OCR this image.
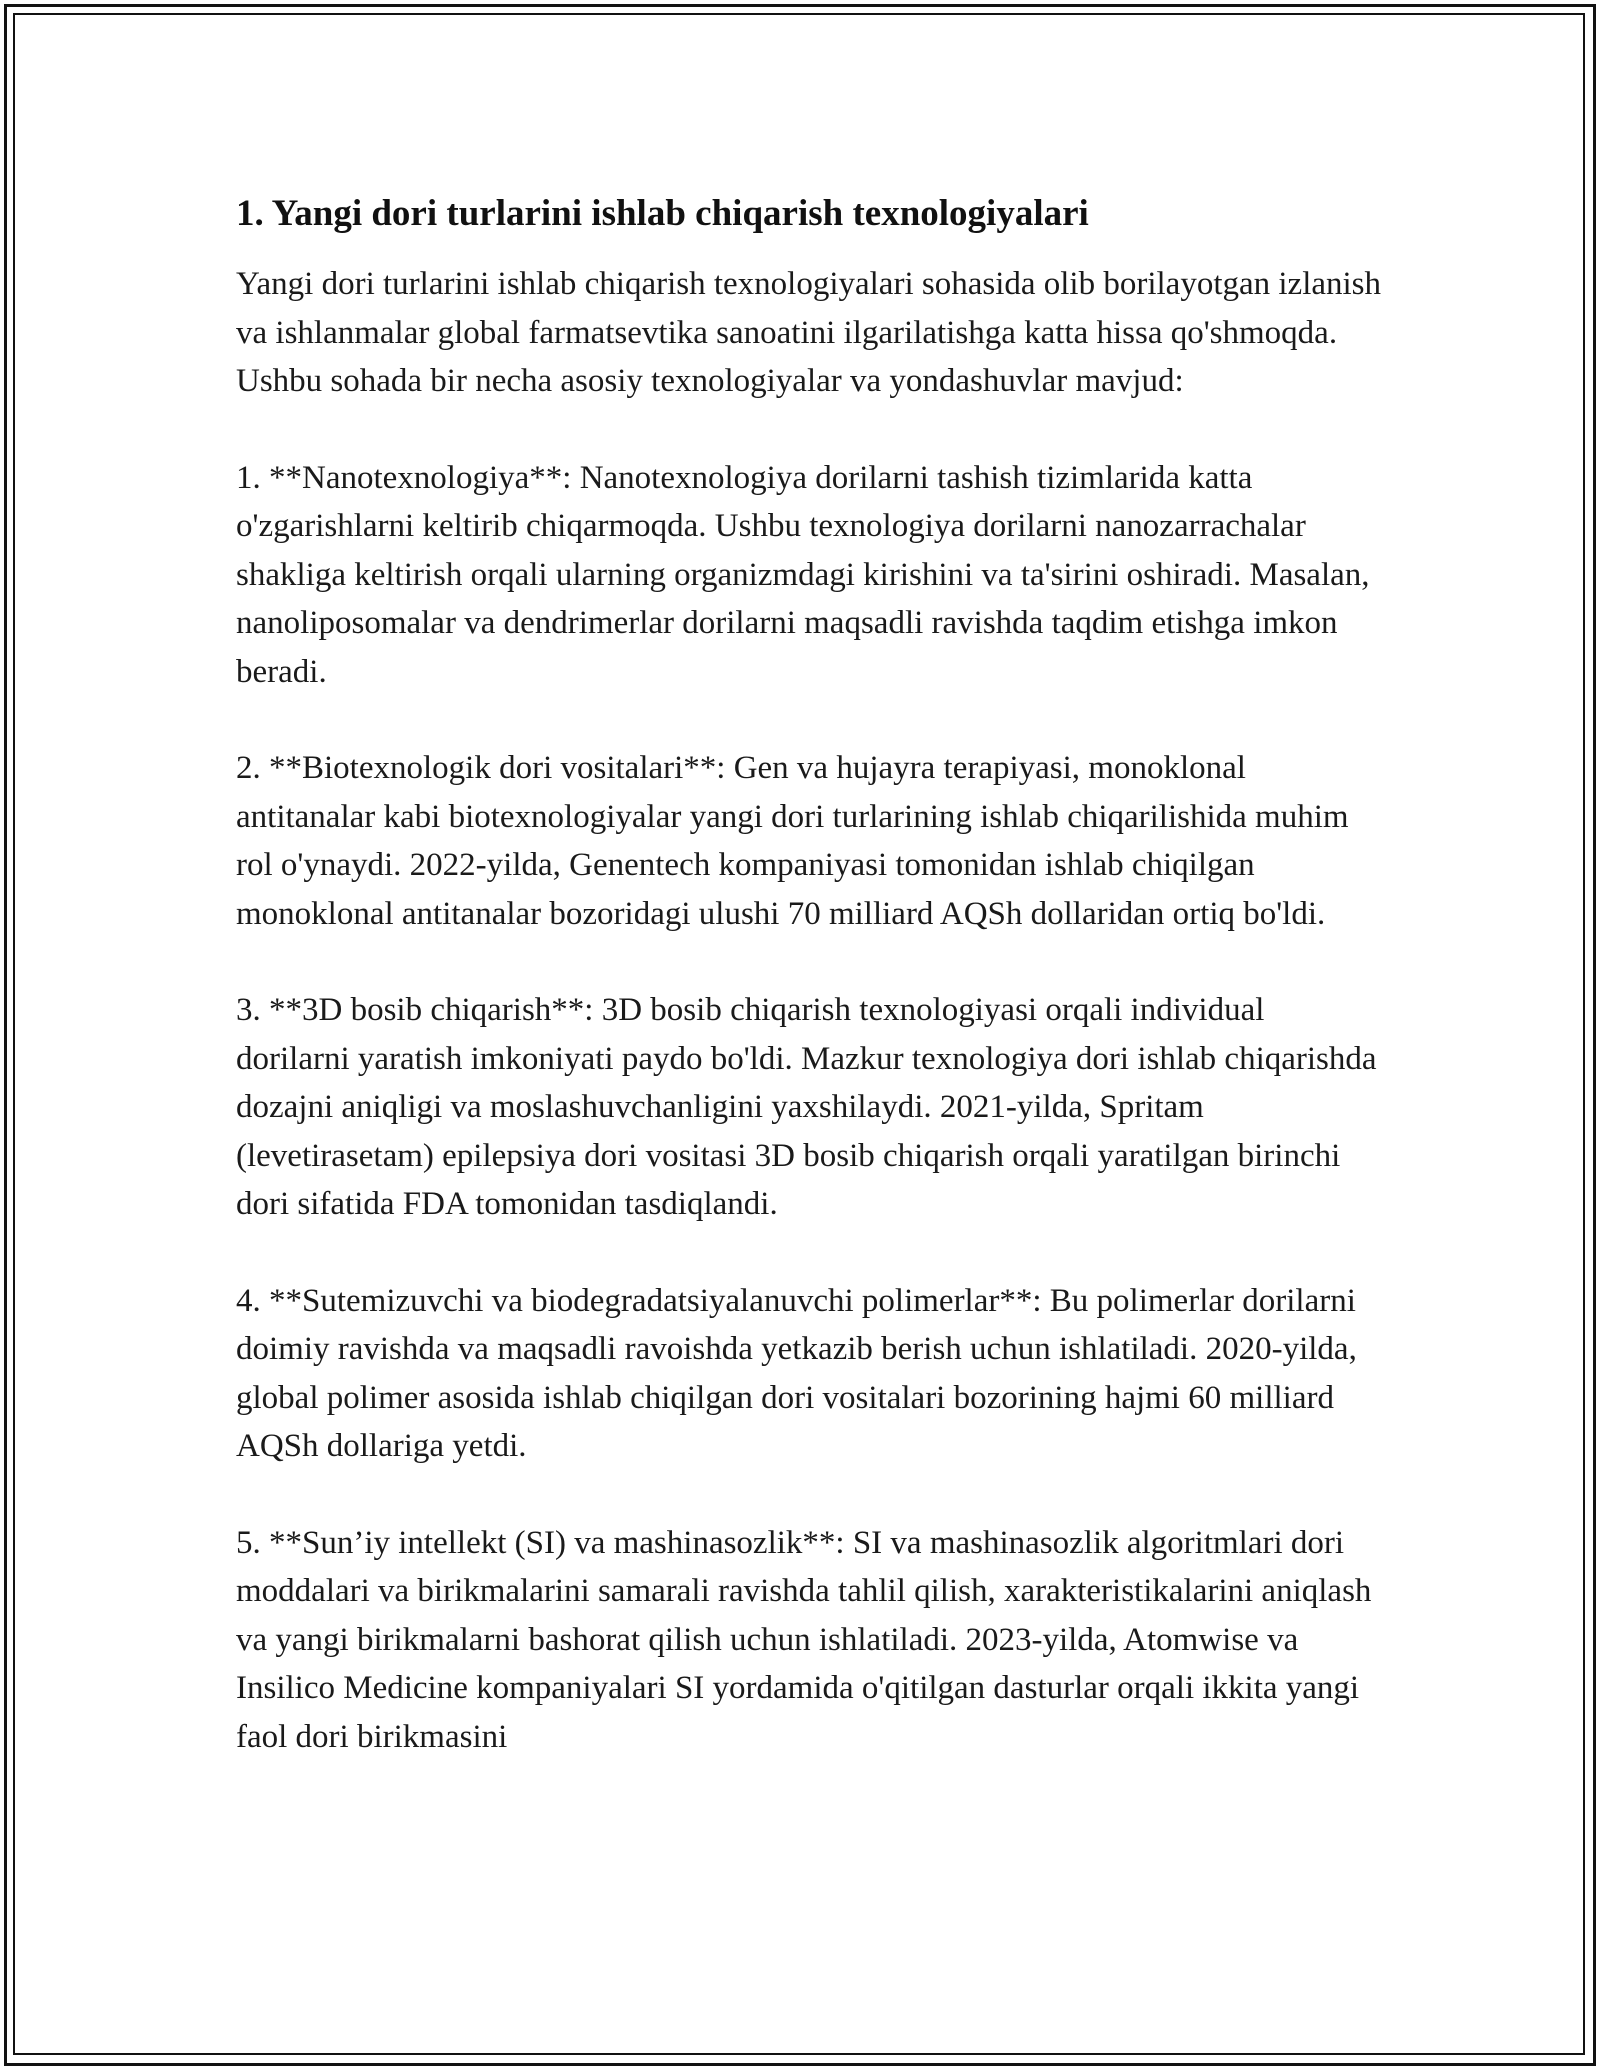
1. Yangi dori turlarini ishlab chiqarish texnologiyalari

Yangi dori turlarini ishlab chiqarish texnologiyalari sohasida olib borilayotgan izlanish va ishlanmalar global farmatsevtika sanoatini ilgarilatishga katta hissa qo'shmoqda. Ushbu sohada bir necha asosiy texnologiyalar va yondashuvlar mavjud:

1. **Nanotexnologiya**: Nanotexnologiya dorilarni tashish tizimlarida katta o'zgarishlarni keltirib chiqarmoqda. Ushbu texnologiya dorilarni nanozarrachalar shakliga keltirish orqali ularning organizmdagi kirishini va ta'sirini oshiradi. Masalan, nanoliposomalar va dendrimerlar dorilarni maqsadli ravishda taqdim etishga imkon beradi.

2. **Biotexnologik dori vositalari**: Gen va hujayra terapiyasi, monoklonal antitanalar kabi biotexnologiyalar yangi dori turlarining ishlab chiqarilishida muhim rol o'ynaydi. 2022-yilda, Genentech kompaniyasi tomonidan ishlab chiqilgan monoklonal antitanalar bozoridagi ulushi 70 milliard AQSh dollaridan ortiq bo'ldi.

3. **3D bosib chiqarish**: 3D bosib chiqarish texnologiyasi orqali individual dorilarni yaratish imkoniyati paydo bo'ldi. Mazkur texnologiya dori ishlab chiqarishda dozajni aniqligi va moslashuvchanligini yaxshilaydi. 2021-yilda, Spritam (levetirasetam) epilepsiya dori vositasi 3D bosib chiqarish orqali yaratilgan birinchi dori sifatida FDA tomonidan tasdiqlandi.

4. **Sutemizuvchi va biodegradatsiyalanuvchi polimerlar**: Bu polimerlar dorilarni doimiy ravishda va maqsadli ravoishda yetkazib berish uchun ishlatiladi. 2020-yilda, global polimer asosida ishlab chiqilgan dori vositalari bozorining hajmi 60 milliard AQSh dollariga yetdi.

5. **Sun’iy intellekt (SI) va mashinasozlik**: SI va mashinasozlik algoritmlari dori moddalari va birikmalarini samarali ravishda tahlil qilish, xarakteristikalarini aniqlash va yangi birikmalarni bashorat qilish uchun ishlatiladi. 2023-yilda, Atomwise va Insilico Medicine kompaniyalari SI yordamida o'qitilgan dasturlar orqali ikkita yangi faol dori birikmasini
